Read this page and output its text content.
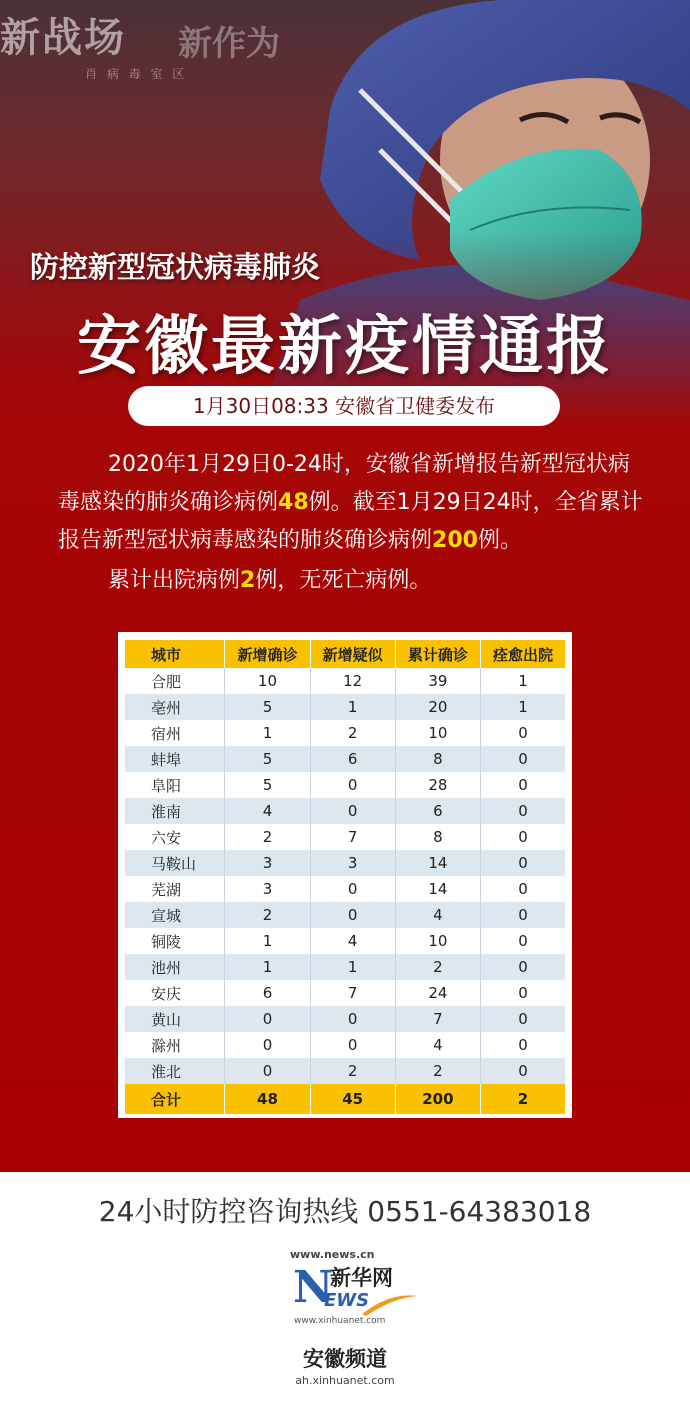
防控新型冠状病毒肺炎
安徽最新疫情通报
1月30日08:33 安徽省卫健委发布
2020年1月29日0-24时，安徽省新增报告新型冠状病毒感染的肺炎确诊病例48例。截至1月29日24时，全省累计报告新型冠状病毒感染的肺炎确诊病例200例。
累计出院病例2例，无死亡病例。
城市	新增确诊	新增疑似	累计确诊	痊愈出院
合肥	10	12	39	1
亳州	5	1	20	1
宿州	1	2	10	0
蚌埠	5	6	8	0
阜阳	5	0	28	0
淮南	4	0	6	0
六安	2	7	8	0
马鞍山	3	3	14	0
芜湖	3	0	14	0
宣城	2	0	4	0
铜陵	1	4	10	0
池州	1	1	2	0
安庆	6	7	24	0
黄山	0	0	7	0
滁州	0	0	4	0
淮北	0	2	2	0
合计	48	45	200	2
24小时防控咨询热线 0551-64383018
www.news.cn
N
新华网
EWS
www.xinhuanet.com
安徽频道
ah.xinhuanet.com
